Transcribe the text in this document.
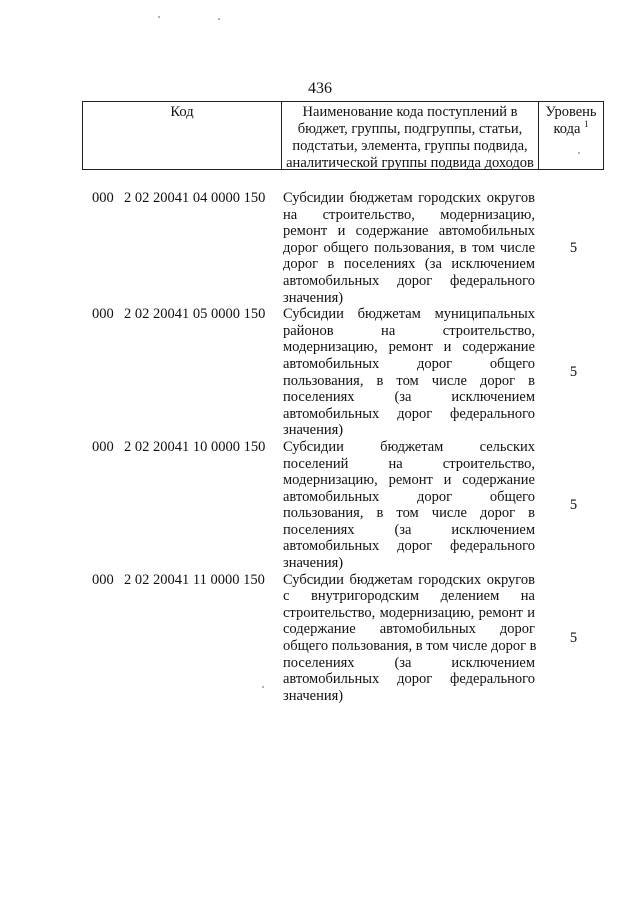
436
Код	Наименование кода поступлений в
бюджет, группы, подгруппы, статьи,
подстатьи, элемента, группы подвида,
аналитической группы подвида доходов
Уровень
кода $^1$
000 2 02 20041 04 0000 150	Субсидии бюджетам городских округов
на строительство, модернизацию,
ремонт и содержание автомобильных
дорог общего пользования, в том числе
дорог в поселениях (за исключением
автомобильных дорог федерального
значения)
5
000 2 02 20041 05 0000 150	Субсидии бюджетам муниципальных
районов на строительство,
модернизацию, ремонт и содержание
автомобильных дорог общего
пользования, в том числе дорог в
поселениях (за исключением
автомобильных дорог федерального
значения)
5
000 2 02 20041 10 0000 150	Субсидии бюджетам сельских
поселений на строительство,
модернизацию, ремонт и содержание
автомобильных дорог общего
пользования, в том числе дорог в
поселениях (за исключением
автомобильных дорог федерального
значения)
5
000 2 02 20041 11 0000 150	Субсидии бюджетам городских округов
с внутригородским делением на
строительство, модернизацию, ремонт и
содержание автомобильных дорог
общего пользования, в том числе дорог в
поселениях (за исключением
автомобильных дорог федерального
значения)
5
